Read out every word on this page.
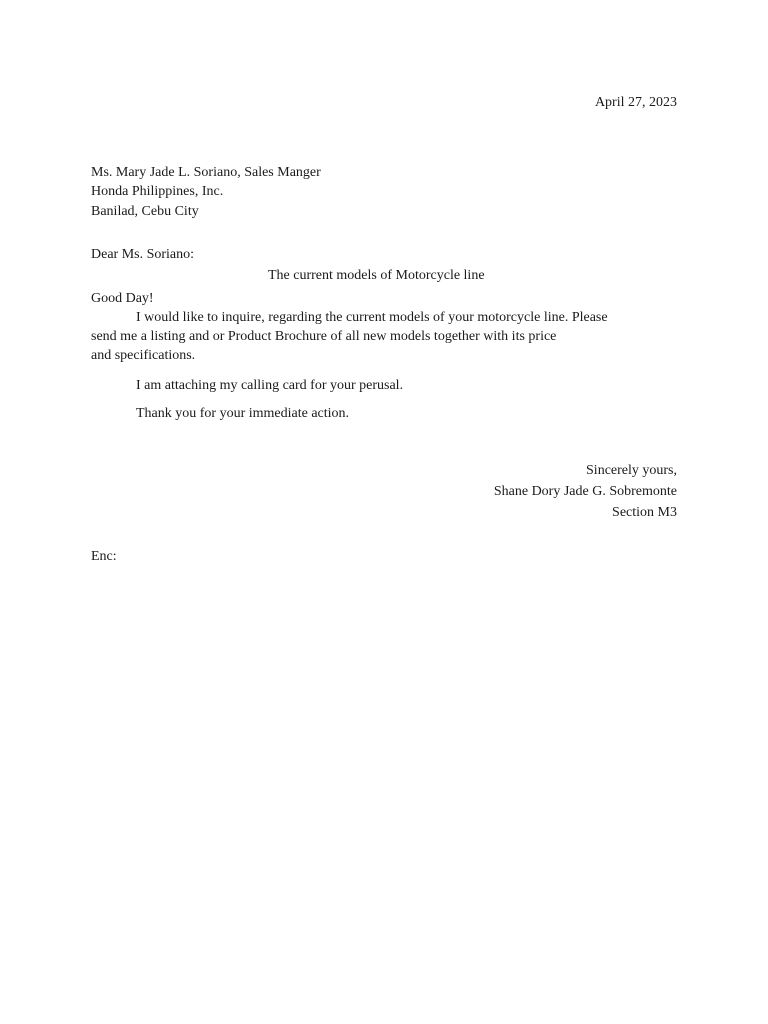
April 27, 2023
Ms. Mary Jade L. Soriano, Sales Manger
Honda Philippines, Inc.
Banilad, Cebu City
Dear Ms. Soriano:
The current models of Motorcycle line
Good Day!
I would like to inquire, regarding the current models of your motorcycle line. Please
send me a listing and or Product Brochure of all new models together with its price
and specifications.
I am attaching my calling card for your perusal.
Thank you for your immediate action.
Sincerely yours,
Shane Dory Jade G. Sobremonte
Section M3
Enc:
